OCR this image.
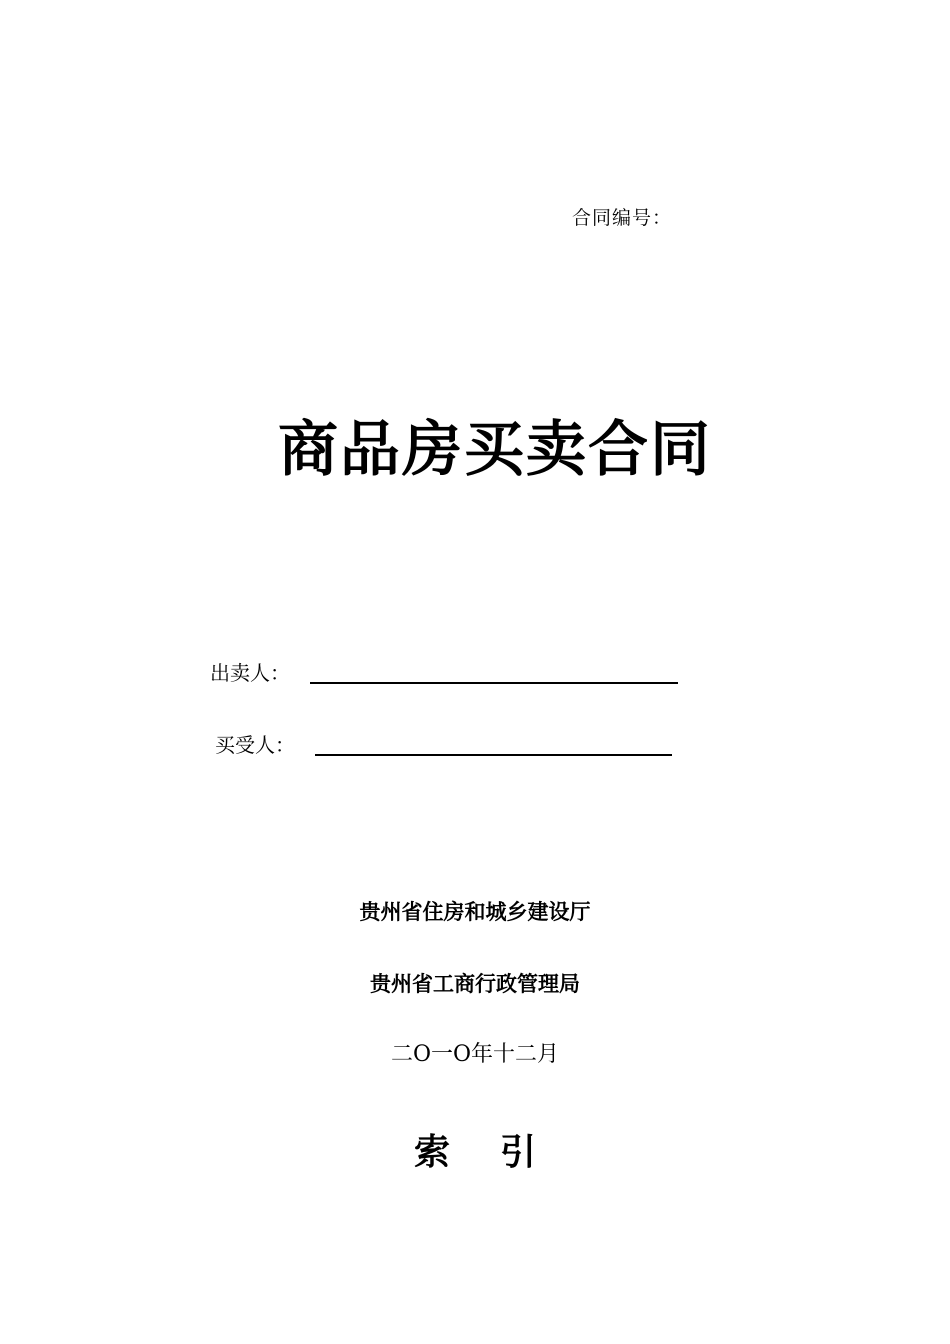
合同编号：
商品房买卖合同
出卖人：
买受人：
贵州省住房和城乡建设厅
贵州省工商行政管理局
二O一O年十二月
索引
